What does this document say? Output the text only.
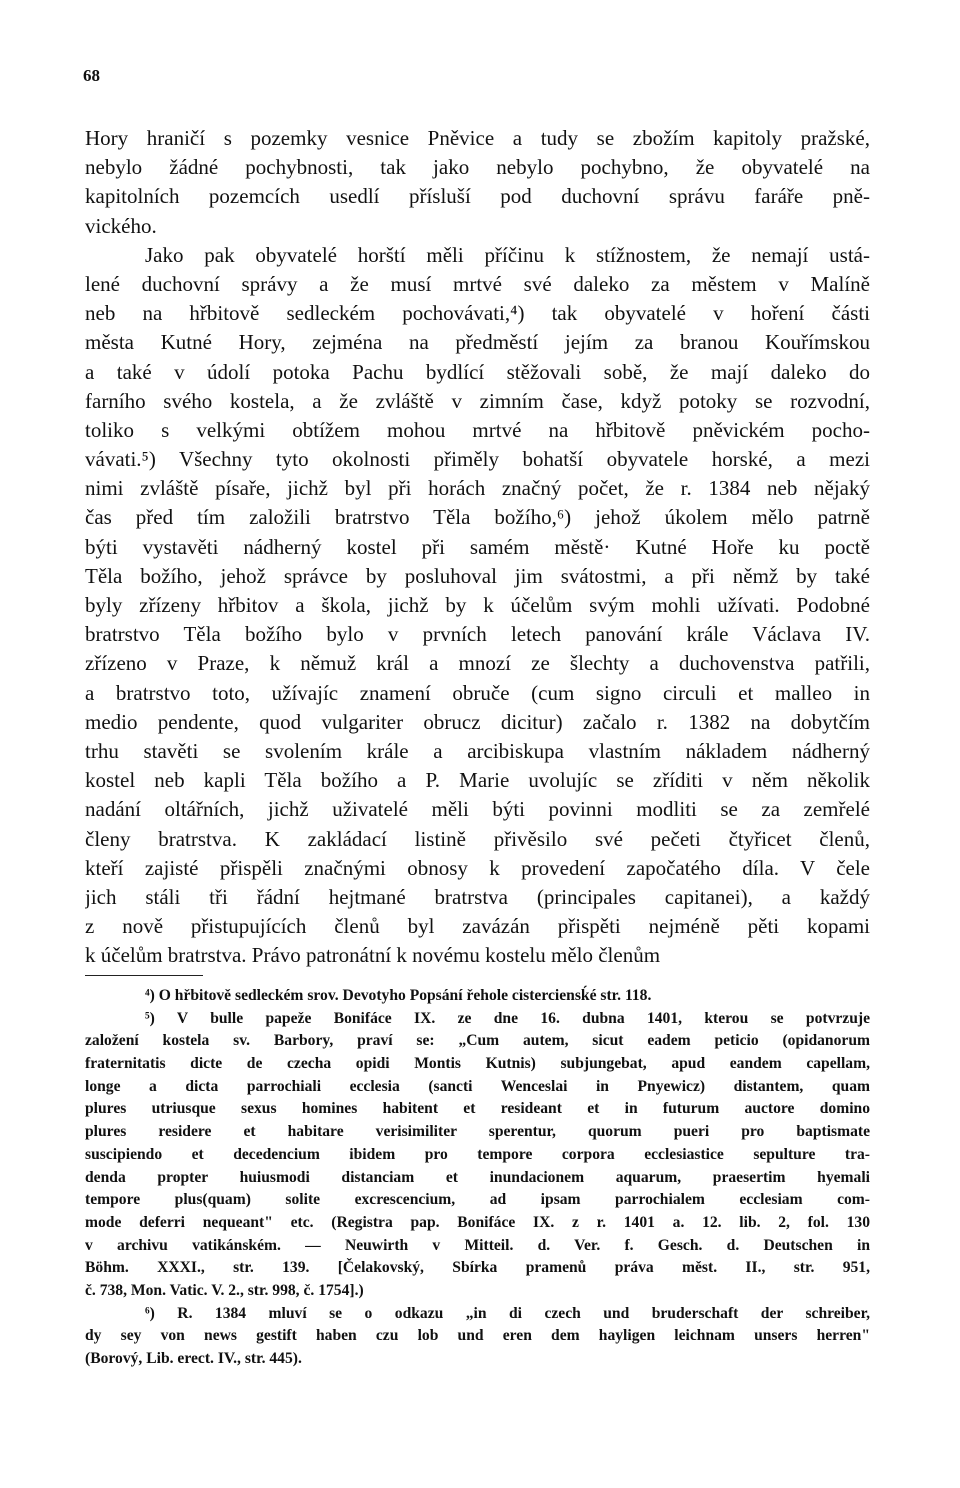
68
Hory hraničí s pozemky vesnice Pněvice a tudy se zbožím kapitoly pražské,
nebylo žádné pochybnosti, tak jako nebylo pochybno, že obyvatelé na
kapitolních pozemcích usedlí přísluší pod duchovní správu faráře pně-
vického.
Jako pak obyvatelé horští měli příčinu k stížnostem, že nemají ustá-
lené duchovní správy a že musí mrtvé své daleko za městem v Malíně
neb na hřbitově sedleckém pochovávati,⁴) tak obyvatelé v hoření části
města Kutné Hory, zejména na předměstí jejím za branou Kouřímskou
a také v údolí potoka Pachu bydlící stěžovali sobě, že mají daleko do
farního svého kostela, a že zvláště v zimním čase, když potoky se rozvodní,
toliko s velkými obtížem mohou mrtvé na hřbitově pněvickém pocho-
vávati.⁵) Všechny tyto okolnosti přiměly bohatší obyvatele horské, a mezi
nimi zvláště písaře, jichž byl při horách značný počet, že r. 1384 neb nějaký
čas před tím založili bratrstvo Těla božího,⁶) jehož úkolem mělo patrně
býti vystavěti nádherný kostel při samém městě· Kutné Hoře ku poctě
Těla božího, jehož správce by posluhoval jim svátostmi, a při němž by také
byly zřízeny hřbitov a škola, jichž by k účelům svým mohli užívati. Podobné
bratrstvo Těla božího bylo v prvních letech panování krále Václava IV.
zřízeno v Praze, k němuž král a mnozí ze šlechty a duchovenstva patřili,
a bratrstvo toto, užívajíc znamení obruče (cum signo circuli et malleo in
medio pendente, quod vulgariter obrucz dicitur) začalo r. 1382 na dobytčím
trhu stavěti se svolením krále a arcibiskupa vlastním nákladem nádherný
kostel neb kapli Těla božího a P. Marie uvolujíc se zříditi v něm několik
nadání oltářních, jichž uživatelé měli býti povinni modliti se za zemřelé
členy bratrstva. K zakládací listině přivěsilo své pečeti čtyřicet členů,
kteří zajisté přispěli značnými obnosy k provedení započatého díla. V čele
jich stáli tři řádní hejtmané bratrstva (principales capitanei), a každý
z nově přistupujících členů byl zavázán přispěti nejméně pěti kopami
k účelům bratrstva. Právo patronátní k novému kostelu mělo členům
⁴) O hřbitově sedleckém srov. Devotyho Popsání řehole cisterciensḱé str. 118.
⁵) V bulle papeže Bonifáce IX. ze dne 16. dubna 1401, kterou se potvrzuje
založení kostela sv. Barbory, praví se: „Cum autem, sicut eadem peticio (opidanorum
fraternitatis dicte de czecha opidi Montis Kutnis) subjungebat, apud eandem capellam,
longe a dicta parrochiali ecclesia (sancti Wenceslai in Pnyewicz) distantem, quam
plures utriusque sexus homines habitent et resideant et in futurum auctore domino
plures residere et habitare verisimiliter sperentur, quorum pueri pro baptismate
suscipiendo et decedencium ibidem pro tempore corpora ecclesiastice sepulture tra-
denda propter huiusmodi distanciam et inundacionem aquarum, praesertim hyemali
tempore plus(quam) solite excrescencium, ad ipsam parrochialem ecclesiam com-
mode deferri nequeant" etc. (Registra pap. Bonifáce IX. z r. 1401 a. 12. lib. 2, fol. 130
v archivu vatikánském. — Neuwirth v Mitteil. d. Ver. f. Gesch. d. Deutschen in
Böhm. XXXI., str. 139. [Čelakovský, Sbírka pramenů práva měst. II., str. 951,
č. 738, Mon. Vatic. V. 2., str. 998, č. 1754].)
⁶) R. 1384 mluví se o odkazu „in di czech und bruderschaft der schreiber,
dy sey von news gestift haben czu lob und eren dem hayligen leichnam unsers herren"
(Borový, Lib. erect. IV., str. 445).
